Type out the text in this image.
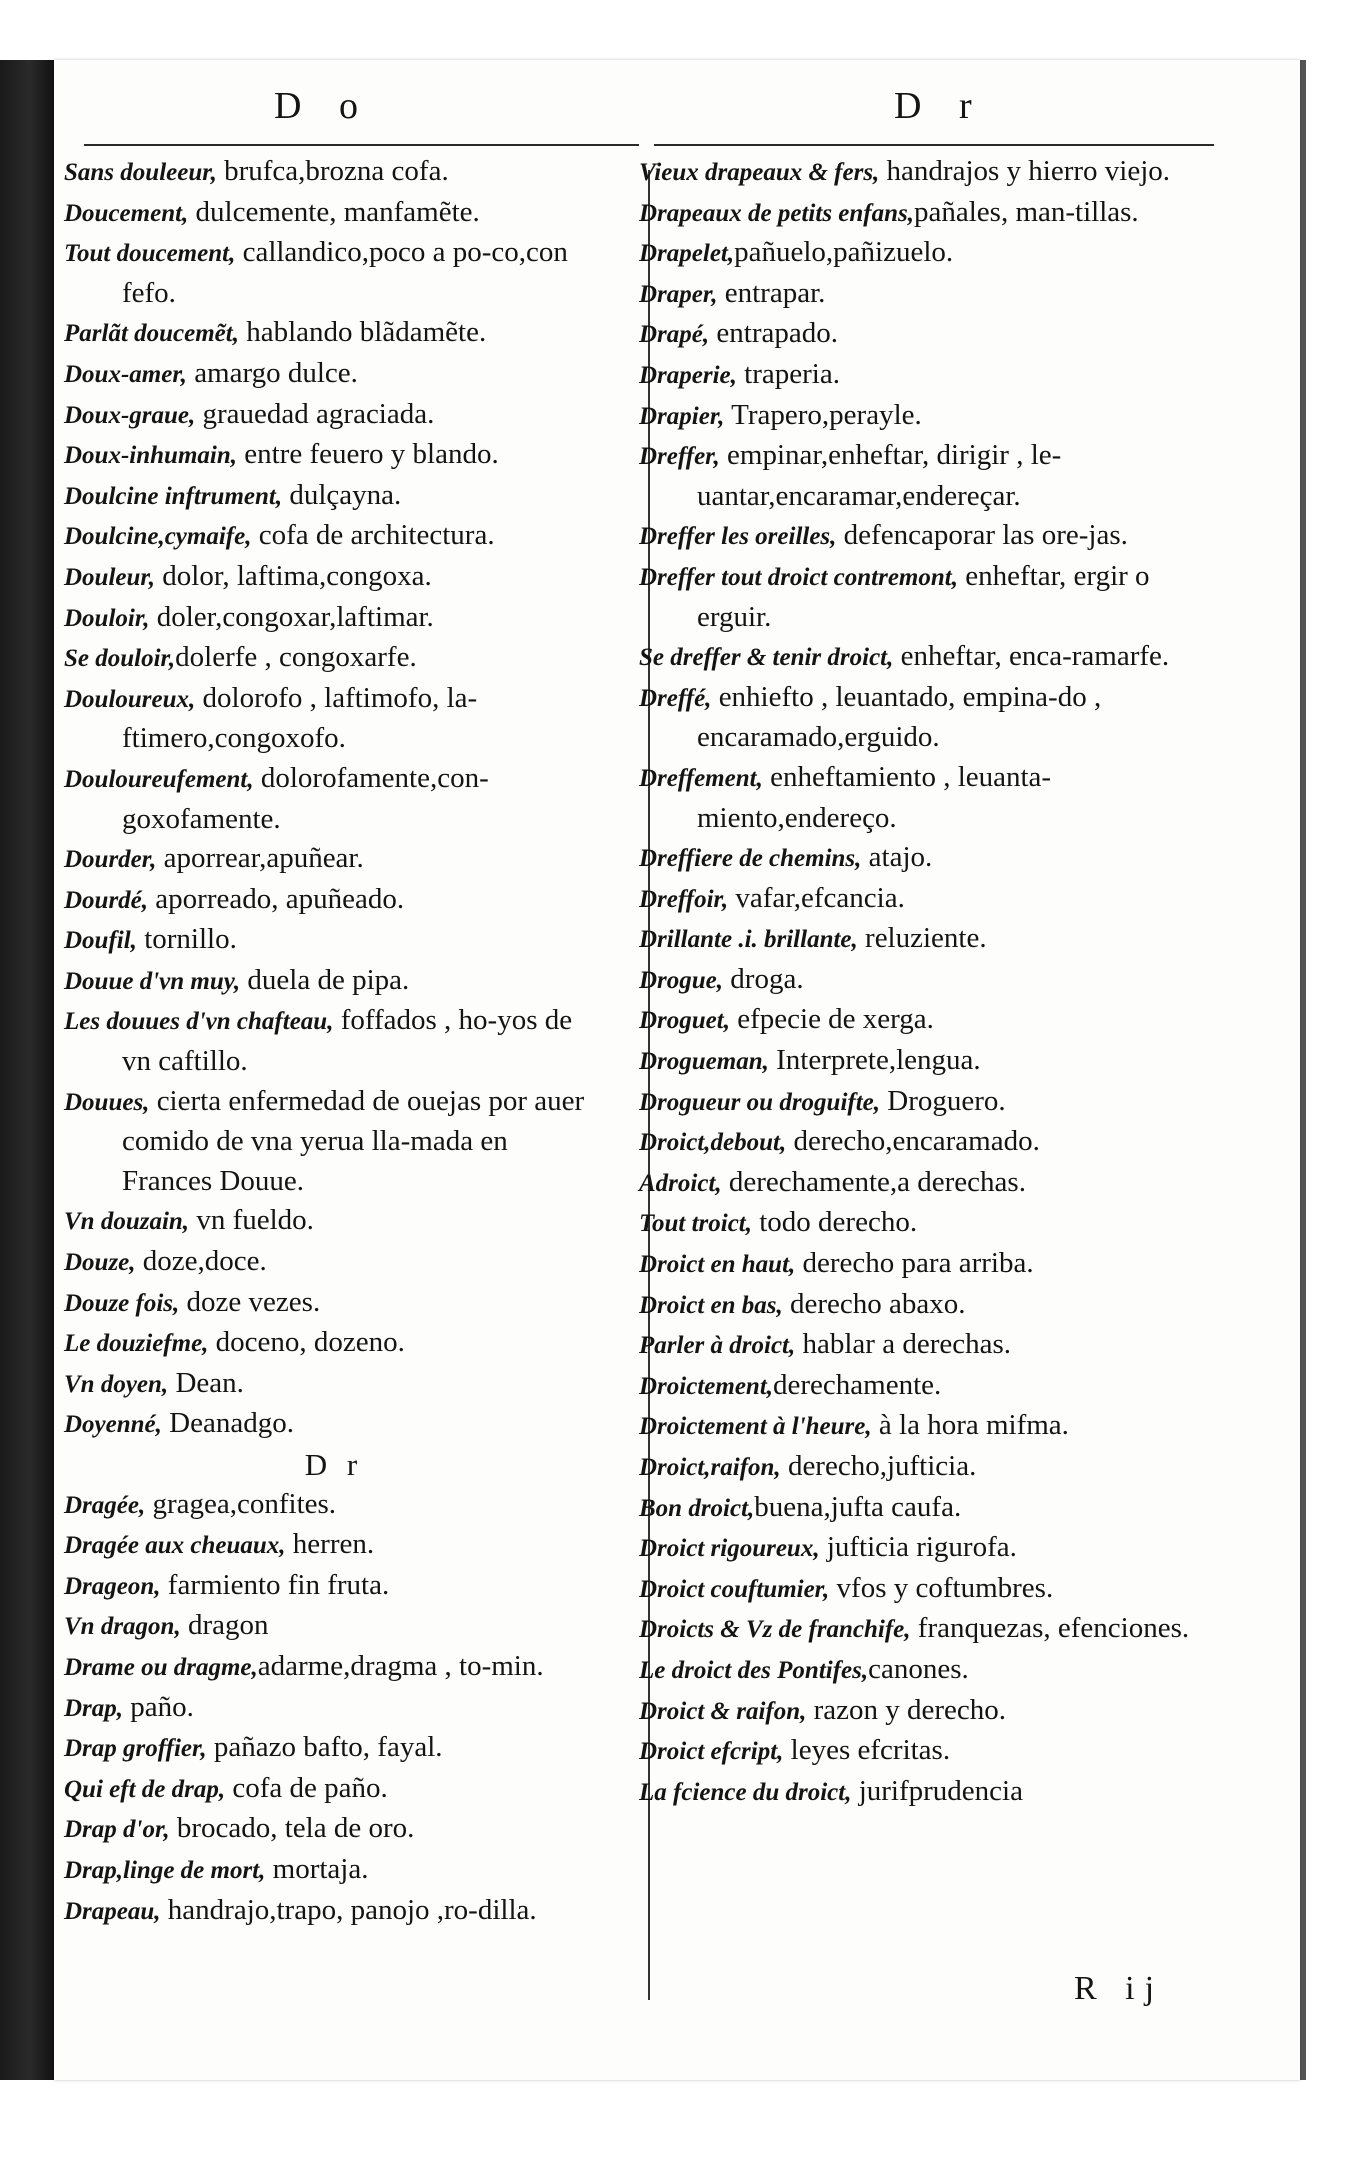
D o	D r

Sans douleeur, brufca,brozna cofa.

Doucement, dulcemente, manfamẽte.

Tout doucement, callandico,poco a po-co,con fefo.

Parlãt doucemẽt, hablando blãdamẽte.

Doux-amer, amargo dulce.

Doux-graue, grauedad agraciada.

Doux-inhumain, entre feuero y blando.

Doulcine inftrument, dulçayna.

Doulcine,cymaife, cofa de architectura.

Douleur, dolor, laftima,congoxa.

Douloir, doler,congoxar,laftimar.

Se douloir,dolerfe , congoxarfe.

Douloureux, dolorofo , laftimofo, la-ftimero,congoxofo.

Douloureufement, dolorofamente,con-goxofamente.

Dourder, aporrear,apuñear.

Dourdé, aporreado, apuñeado.

Doufil, tornillo.

Douue d'vn muy, duela de pipa.

Les douues d'vn chafteau, foffados , ho-yos de vn caftillo.

Douues, cierta enfermedad de ouejas por auer comido de vna yerua lla-mada en Frances Douue.

Vn douzain, vn fueldo.

Douze, doze,doce.

Douze fois, doze vezes.

Le douziefme, doceno, dozeno.

Vn doyen, Dean.

Doyenné, Deanadgo.

D r

Dragée, gragea,confites.

Dragée aux cheuaux, herren.

Drageon, farmiento fin fruta.

Vn dragon, dragon

Drame ou dragme,adarme,dragma , to-min.

Drap, paño.

Drap groffier, pañazo bafto, fayal.

Qui eft de drap, cofa de paño.

Drap d'or, brocado, tela de oro.

Drap,linge de mort, mortaja.

Drapeau, handrajo,trapo, panojo ,ro-dilla.

Vieux drapeaux & fers, handrajos y hierro viejo.

Drapeaux de petits enfans,pañales, man-tillas.

Drapelet,pañuelo,pañizuelo.

Draper, entrapar.

Drapé, entrapado.

Draperie, traperia.

Drapier, Trapero,perayle.

Dreffer, empinar,enheftar, dirigir , le-uantar,encaramar,endereçar.

Dreffer les oreilles, defencaporar las ore-jas.

Dreffer tout droict contremont, enheftar, ergir o erguir.

Se dreffer & tenir droict, enheftar, enca-ramarfe.

Dreffé, enhiefto , leuantado, empina-do , encaramado,erguido.

Dreffement, enheftamiento , leuanta-miento,endereço.

Dreffiere de chemins, atajo.

Dreffoir, vafar,efcancia.

Drillante .i. brillante, reluziente.

Drogue, droga.

Droguet, efpecie de xerga.

Drogueman, Interprete,lengua.

Drogueur ou droguifte, Droguero.

Droict,debout, derecho,encaramado.

Adroict, derechamente,a derechas.

Tout troict, todo derecho.

Droict en haut, derecho para arriba.

Droict en bas, derecho abaxo.

Parler à droict, hablar a derechas.

Droictement,derechamente.

Droictement à l'heure, à la hora mifma.

Droict,raifon, derecho,jufticia.

Bon droict,buena,jufta caufa.

Droict rigoureux, jufticia rigurofa.

Droict couftumier, vfos y coftumbres.

Droicts & Vz de franchife, franquezas, efenciones.

Le droict des Pontifes,canones.

Droict & raifon, razon y derecho.

Droict efcript, leyes efcritas.

La fcience du droict, jurifprudencia

R ij
